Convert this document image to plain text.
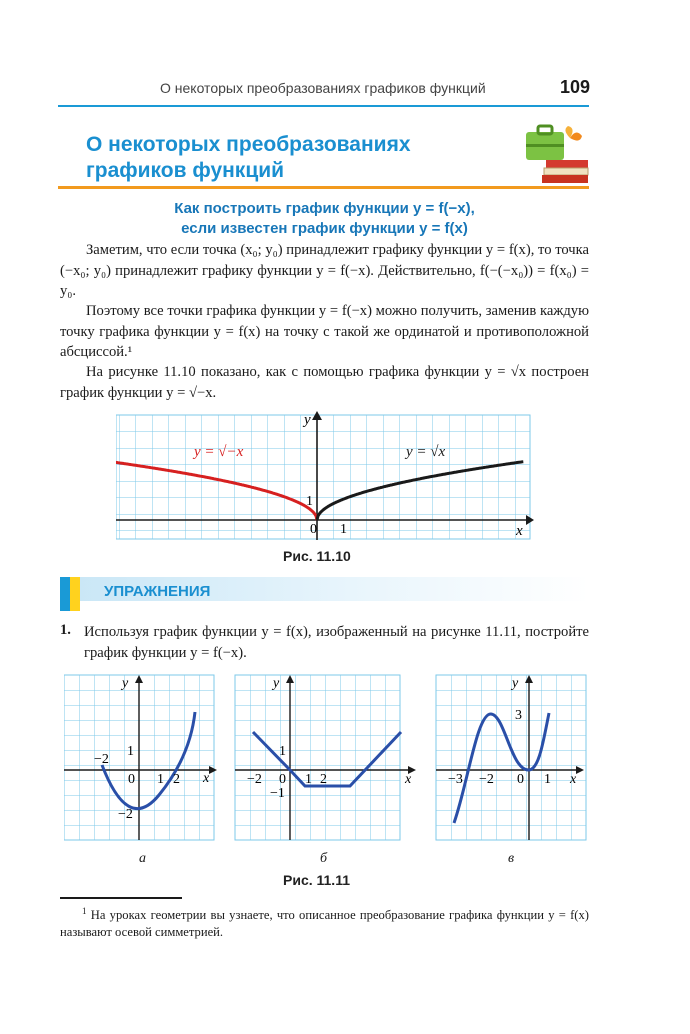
О некоторых преобразованиях графиков функций	109
О некоторых преобразованиях
графиков функций
Как построить график функции y = f(−x),
если известен график функции y = f(x)
Заметим, что если точка (x₀; y₀) принадлежит графику функции y = f(x), то точка (−x₀; y₀) принадлежит графику функции y = f(−x). Действительно, f(−(−x₀)) = f(x₀) = y₀.
Поэтому все точки графика функции y = f(−x) можно получить, заменив каждую точку графика функции y = f(x) на точку с такой же ординатой и противоположной абсциссой.¹
На рисунке 11.10 показано, как с помощью графика функции y = √x построен график функции y = √−x.
y = √−x	y = √x
0 1
1
x
y
Рис. 11.10
УПРАЖНЕНИЯ
1. Используя график функции y = f(x), изображенный на рисунке 11.11, постройте график функции y = f(−x).
−2
1
0 1 2
−2
x
y
−2
1
0 1 2
−1
x
y
3
−3 −2 0 1 x
y
а	б	в
Рис. 11.11
$^1$ На уроках геометрии вы узнаете, что описанное преобразование графика функции y = f(x) называют осевой симметрией.
